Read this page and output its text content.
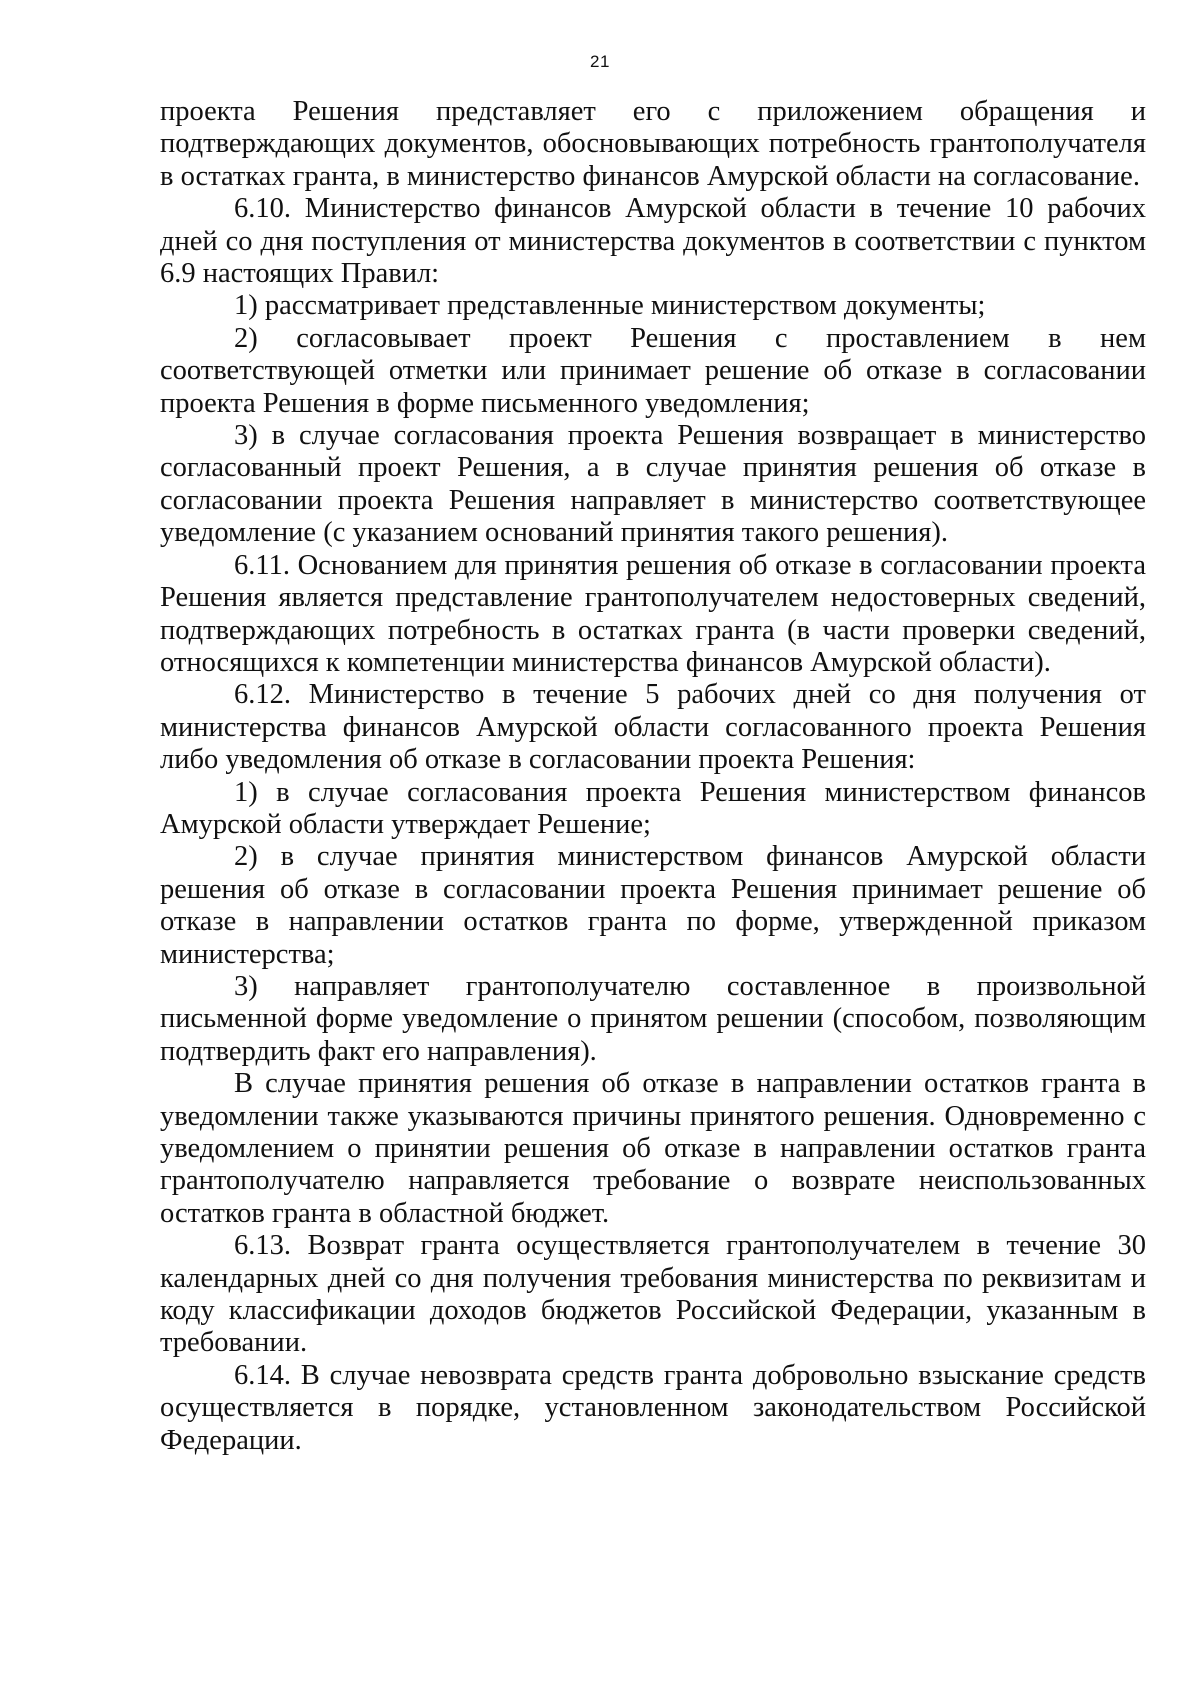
21

проекта Решения представляет его с приложением обращения и подтверждающих документов, обосновывающих потребность грантополучателя в остатках гранта, в министерство финансов Амурской области на согласование.

6.10. Министерство финансов Амурской области в течение 10 рабочих дней со дня поступления от министерства документов в соответствии с пунктом 6.9 настоящих Правил:

1) рассматривает представленные министерством документы;

2) согласовывает проект Решения с проставлением в нем соответствующей отметки или принимает решение об отказе в согласовании проекта Решения в форме письменного уведомления;

3) в случае согласования проекта Решения возвращает в министерство согласованный проект Решения, а в случае принятия решения об отказе в согласовании проекта Решения направляет в министерство соответствующее уведомление (с указанием оснований принятия такого решения).

6.11. Основанием для принятия решения об отказе в согласовании проекта Решения является представление грантополучателем недостоверных сведений, подтверждающих потребность в остатках гранта (в части проверки сведений, относящихся к компетенции министерства финансов Амурской области).

6.12. Министерство в течение 5 рабочих дней со дня получения от министерства финансов Амурской области согласованного проекта Решения либо уведомления об отказе в согласовании проекта Решения:

1) в случае согласования проекта Решения министерством финансов Амурской области утверждает Решение;

2) в случае принятия министерством финансов Амурской области решения об отказе в согласовании проекта Решения принимает решение об отказе в направлении остатков гранта по форме, утвержденной приказом министерства;

3) направляет грантополучателю составленное в произвольной письменной форме уведомление о принятом решении (способом, позволяющим подтвердить факт его направления).

В случае принятия решения об отказе в направлении остатков гранта в уведомлении также указываются причины принятого решения. Одновременно с уведомлением о принятии решения об отказе в направлении остатков гранта грантополучателю направляется требование о возврате неиспользованных остатков гранта в областной бюджет.

6.13. Возврат гранта осуществляется грантополучателем в течение 30 календарных дней со дня получения требования министерства по реквизитам и коду классификации доходов бюджетов Российской Федерации, указанным в требовании.

6.14. В случае невозврата средств гранта добровольно взыскание средств осуществляется в порядке, установленном законодательством Российской Федерации.
